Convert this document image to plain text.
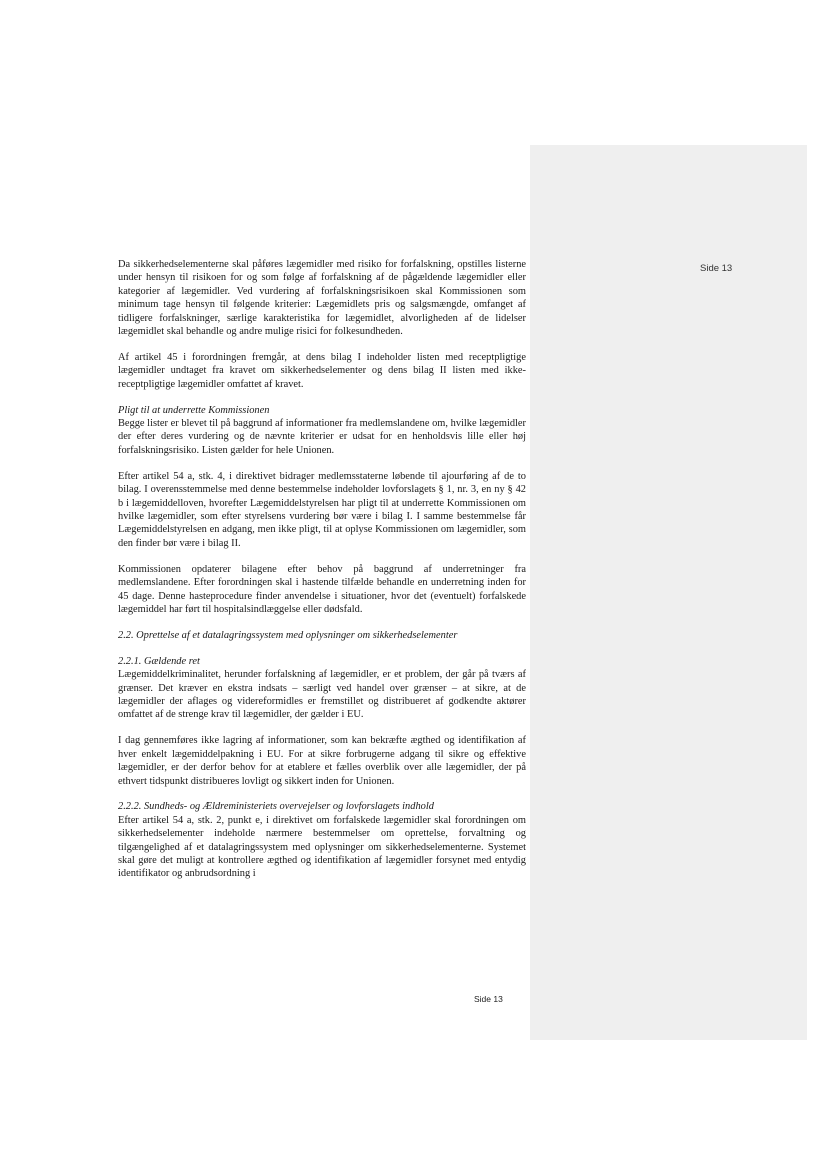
Side 13

Da sikkerhedselementerne skal påføres lægemidler med risiko for forfalskning, opstilles listerne under hensyn til risikoen for og som følge af forfalskning af de pågældende lægemidler eller kategorier af lægemidler. Ved vurdering af forfalskningsrisikoen skal Kommissionen som minimum tage hensyn til følgende kriterier: Lægemidlets pris og salgsmængde, omfanget af tidligere forfalskninger, særlige karakteristika for lægemidlet, alvorligheden af de lidelser lægemidlet skal behandle og andre mulige risici for folkesundheden.

Af artikel 45 i forordningen fremgår, at dens bilag I indeholder listen med receptpligtige lægemidler undtaget fra kravet om sikkerhedselementer og dens bilag II listen med ikke-receptpligtige lægemidler omfattet af kravet.

Pligt til at underrette Kommissionen
Begge lister er blevet til på baggrund af informationer fra medlemslandene om, hvilke lægemidler der efter deres vurdering og de nævnte kriterier er udsat for en henholdsvis lille eller høj forfalskningsrisiko. Listen gælder for hele Unionen.

Efter artikel 54 a, stk. 4, i direktivet bidrager medlemsstaterne løbende til ajourføring af de to bilag. I overensstemmelse med denne bestemmelse indeholder lovforslagets § 1, nr. 3, en ny § 42 b i lægemiddelloven, hvorefter Lægemiddelstyrelsen har pligt til at underrette Kommissionen om hvilke lægemidler, som efter styrelsens vurdering bør være i bilag I. I samme bestemmelse får Lægemiddelstyrelsen en adgang, men ikke pligt, til at oplyse Kommissionen om lægemidler, som den finder bør være i bilag II.

Kommissionen opdaterer bilagene efter behov på baggrund af underretninger fra medlemslandene. Efter forordningen skal i hastende tilfælde behandle en underretning inden for 45 dage. Denne hasteprocedure finder anvendelse i situationer, hvor det (eventuelt) forfalskede lægemiddel har ført til hospitalsindlæggelse eller dødsfald.

2.2. Oprettelse af et datalagringssystem med oplysninger om sikkerhedselementer

2.2.1. Gældende ret
Lægemiddelkriminalitet, herunder forfalskning af lægemidler, er et problem, der går på tværs af grænser. Det kræver en ekstra indsats – særligt ved handel over grænser – at sikre, at de lægemidler der aflages og videreformidles er fremstillet og distribueret af godkendte aktører omfattet af de strenge krav til lægemidler, der gælder i EU.

I dag gennemføres ikke lagring af informationer, som kan bekræfte ægthed og identifikation af hver enkelt lægemiddelpakning i EU. For at sikre forbrugerne adgang til sikre og effektive lægemidler, er der derfor behov for at etablere et fælles overblik over alle lægemidler, der på ethvert tidspunkt distribueres lovligt og sikkert inden for Unionen.

2.2.2. Sundheds- og Ældreministeriets overvejelser og lovforslagets indhold
Efter artikel 54 a, stk. 2, punkt e, i direktivet om forfalskede lægemidler skal forordningen om sikkerhedselementer indeholde nærmere bestemmelser om oprettelse, forvaltning og tilgængelighed af et datalagringssystem med oplysninger om sikkerhedselementerne. Systemet skal gøre det muligt at kontrollere ægthed og identifikation af lægemidler forsynet med entydig identifikator og anbrudsordning i

Side 13
